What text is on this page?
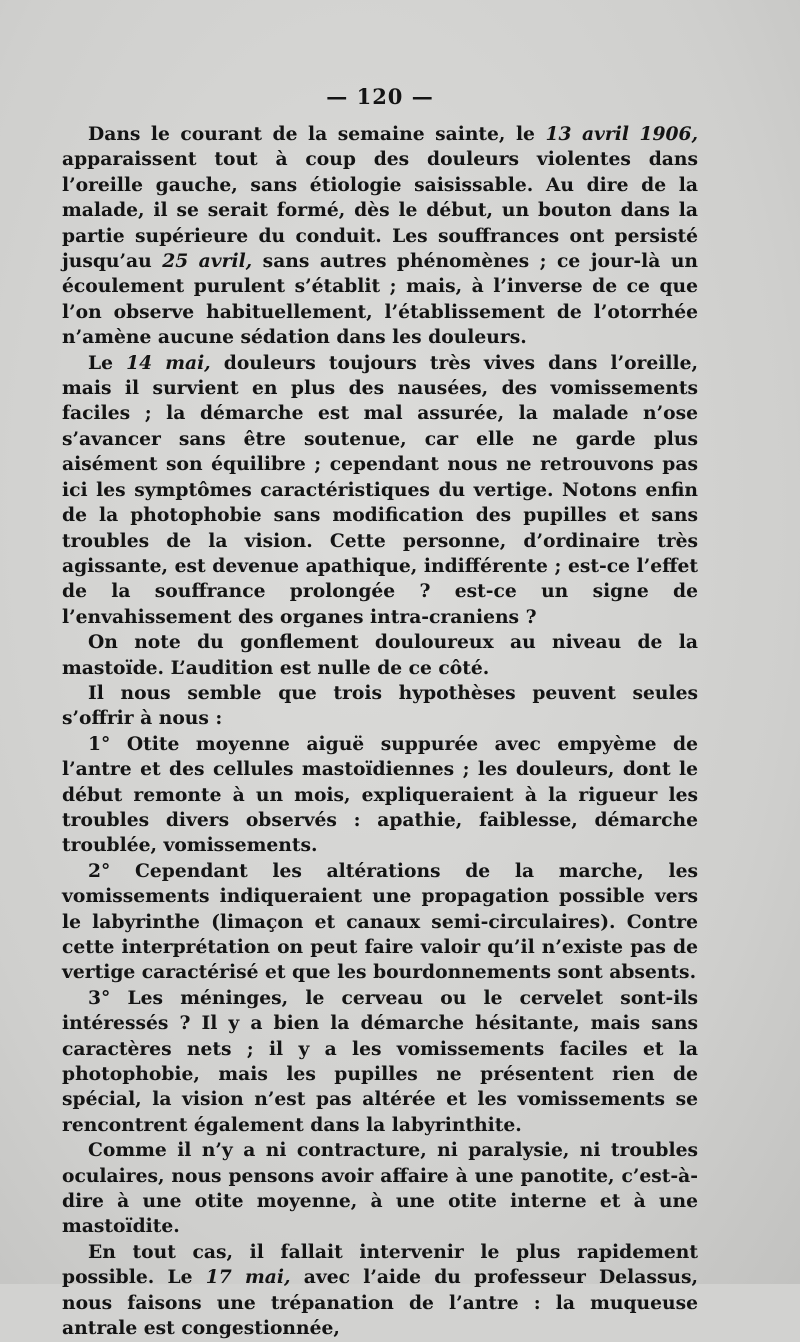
— 120 —

Dans le courant de la semaine sainte, le 13 avril 1906, apparaissent tout à coup des douleurs violentes dans l’oreille gauche, sans étiologie saisissable. Au dire de la malade, il se serait formé, dès le début, un bouton dans la partie supérieure du conduit. Les souffrances ont persisté jusqu’au 25 avril, sans autres phénomènes ; ce jour-là un écoulement purulent s’établit ; mais, à l’inverse de ce que l’on observe habituellement, l’établissement de l’otorrhée n’amène aucune sédation dans les douleurs.

Le 14 mai, douleurs toujours très vives dans l’oreille, mais il survient en plus des nausées, des vomissements faciles ; la démarche est mal assurée, la malade n’ose s’avancer sans être soutenue, car elle ne garde plus aisément son équilibre ; cependant nous ne retrouvons pas ici les symptômes caractéristiques du vertige. Notons enfin de la photophobie sans modification des pupilles et sans troubles de la vision. Cette personne, d’ordinaire très agissante, est devenue apathique, indifférente ; est-ce l’effet de la souffrance prolongée ? est-ce un signe de l’envahissement des organes intra-craniens ?

On note du gonflement douloureux au niveau de la mastoïde. L’audition est nulle de ce côté.

Il nous semble que trois hypothèses peuvent seules s’offrir à nous :

1° Otite moyenne aiguë suppurée avec empyème de l’antre et des cellules mastoïdiennes ; les douleurs, dont le début remonte à un mois, expliqueraient à la rigueur les troubles divers observés : apathie, faiblesse, démarche troublée, vomissements.

2° Cependant les altérations de la marche, les vomissements indiqueraient une propagation possible vers le labyrinthe (limaçon et canaux semi-circulaires). Contre cette interprétation on peut faire valoir qu’il n’existe pas de vertige caractérisé et que les bourdonnements sont absents.

3° Les méninges, le cerveau ou le cervelet sont-ils intéressés ? Il y a bien la démarche hésitante, mais sans caractères nets ; il y a les vomissements faciles et la photophobie, mais les pupilles ne présentent rien de spécial, la vision n’est pas altérée et les vomissements se rencontrent également dans la labyrinthite.

Comme il n’y a ni contracture, ni paralysie, ni troubles oculaires, nous pensons avoir affaire à une panotite, c’est-à-dire à une otite moyenne, à une otite interne et à une mastoïdite.

En tout cas, il fallait intervenir le plus rapidement possible. Le 17 mai, avec l’aide du professeur Delassus, nous faisons une trépanation de l’antre : la muqueuse antrale est congestionnée,
